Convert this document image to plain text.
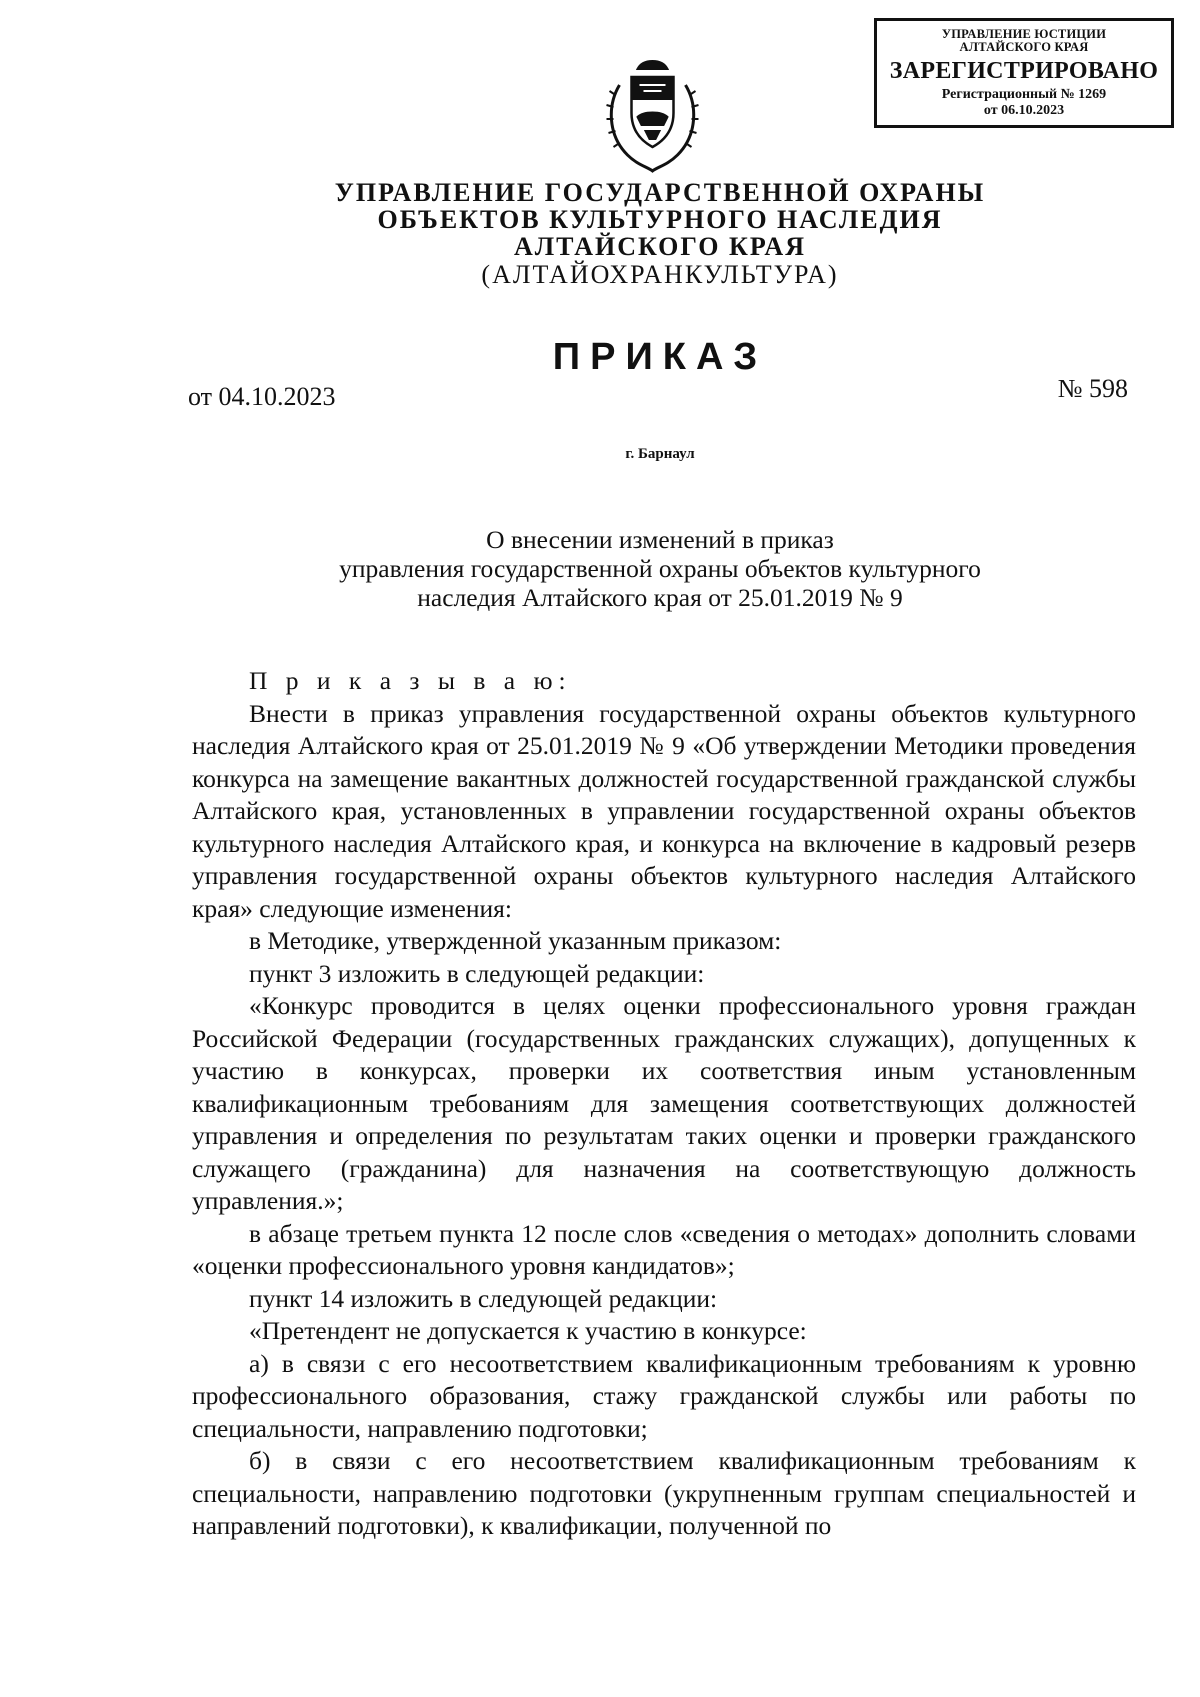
УПРАВЛЕНИЕ ЮСТИЦИИ
АЛТАЙСКОГО КРАЯ
ЗАРЕГИСТРИРОВАНО
Регистрационный № 1269
от 06.10.2023
УПРАВЛЕНИЕ ГОСУДАРСТВЕННОЙ ОХРАНЫ
ОБЪЕКТОВ КУЛЬТУРНОГО НАСЛЕДИЯ
АЛТАЙСКОГО КРАЯ
(АЛТАЙОХРАНКУЛЬТУРА)
ПРИКАЗ
от 04.10.2023	№ 598
г. Барнаул
О внесении изменений в приказ
управления государственной охраны объектов культурного
наследия Алтайского края от 25.01.2019 № 9

П р и к а з ы в а ю:

Внести в приказ управления государственной охраны объектов культурного наследия Алтайского края от 25.01.2019 № 9 «Об утверждении Методики проведения конкурса на замещение вакантных должностей государственной гражданской службы Алтайского края, установленных в управлении государственной охраны объектов культурного наследия Алтайского края, и конкурса на включение в кадровый резерв управления государственной охраны объектов культурного наследия Алтайского края» следующие изменения:

в Методике, утвержденной указанным приказом:

пункт 3 изложить в следующей редакции:

«Конкурс проводится в целях оценки профессионального уровня граждан Российской Федерации (государственных гражданских служащих), допущенных к участию в конкурсах, проверки их соответствия иным установленным квалификационным требованиям для замещения соответствующих должностей управления и определения по результатам таких оценки и проверки гражданского служащего (гражданина) для назначения на соответствующую должность управления.»;

в абзаце третьем пункта 12 после слов «сведения о методах» дополнить словами «оценки профессионального уровня кандидатов»;

пункт 14 изложить в следующей редакции:

«Претендент не допускается к участию в конкурсе:

а) в связи с его несоответствием квалификационным требованиям к уровню профессионального образования, стажу гражданской службы или работы по специальности, направлению подготовки;

б) в связи с его несоответствием квалификационным требованиям к специальности, направлению подготовки (укрупненным группам специальностей и направлений подготовки), к квалификации, полученной по
